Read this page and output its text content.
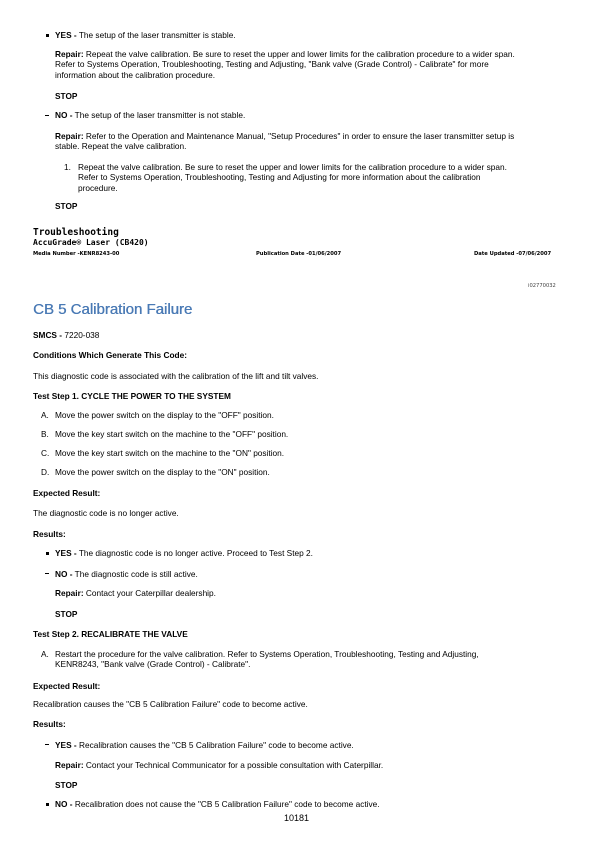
YES - The setup of the laser transmitter is stable.
Repair: Repeat the valve calibration. Be sure to reset the upper and lower limits for the calibration procedure to a wider span.
Refer to Systems Operation, Troubleshooting, Testing and Adjusting, "Bank valve (Grade Control) - Calibrate" for more
information about the calibration procedure.
STOP
NO - The setup of the laser transmitter is not stable.
Repair: Refer to the Operation and Maintenance Manual, "Setup Procedures" in order to ensure the laser transmitter setup is
stable. Repeat the valve calibration.
1. Repeat the valve calibration. Be sure to reset the upper and lower limits for the calibration procedure to a wider span.
Refer to Systems Operation, Troubleshooting, Testing and Adjusting for more information about the calibration
procedure.
STOP
Troubleshooting
AccuGrade® Laser (CB420)
Media Number -KENR8243-00	Publication Date -01/06/2007	Date Updated -07/06/2007
i02770032
CB 5 Calibration Failure
SMCS - 7220-038
Conditions Which Generate This Code:
This diagnostic code is associated with the calibration of the lift and tilt valves.
Test Step 1. CYCLE THE POWER TO THE SYSTEM
A. Move the power switch on the display to the "OFF" position.
B. Move the key start switch on the machine to the "OFF" position.
C. Move the key start switch on the machine to the "ON" position.
D. Move the power switch on the display to the "ON" position.
Expected Result:
The diagnostic code is no longer active.
Results:
YES - The diagnostic code is no longer active. Proceed to Test Step 2.
NO - The diagnostic code is still active.
Repair: Contact your Caterpillar dealership.
STOP
Test Step 2. RECALIBRATE THE VALVE
A. Restart the procedure for the valve calibration. Refer to Systems Operation, Troubleshooting, Testing and Adjusting,
KENR8243, "Bank valve (Grade Control) - Calibrate".
Expected Result:
Recalibration causes the "CB 5 Calibration Failure" code to become active.
Results:
YES - Recalibration causes the "CB 5 Calibration Failure" code to become active.
Repair: Contact your Technical Communicator for a possible consultation with Caterpillar.
STOP
NO - Recalibration does not cause the "CB 5 Calibration Failure" code to become active.
10181
